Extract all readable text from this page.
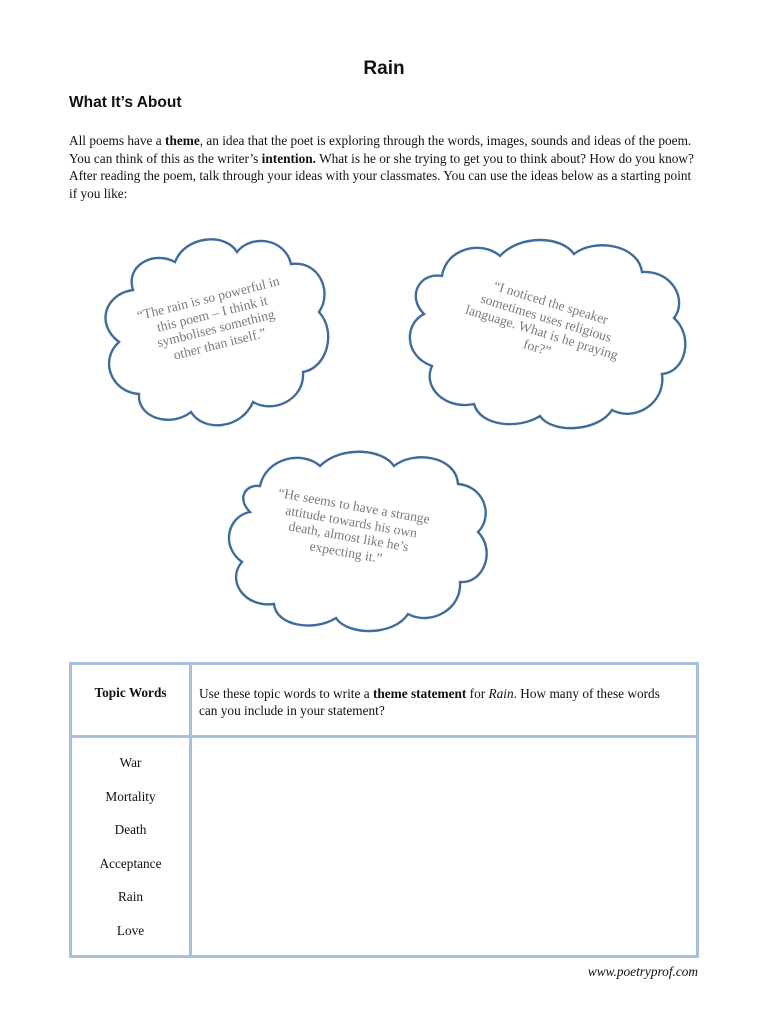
Rain
What It’s About
All poems have a theme, an idea that the poet is exploring through the words, images, sounds and ideas of the poem. You can think of this as the writer’s intention. What is he or she trying to get you to think about? How do you know? After reading the poem, talk through your ideas with your classmates. You can use the ideas below as a starting point if you like:
“The rain is so powerful in this poem – I think it symbolises something other than itself.”
“I noticed the speaker sometimes uses religious language. What is he praying for?”
“He seems to have a strange attitude towards his own death, almost like he’s expecting it.”
Topic Words	Use these topic words to write a theme statement for Rain. How many of these words can you include in your statement?
War
Mortality
Death
Acceptance
Rain
Love
www.poetryprof.com
